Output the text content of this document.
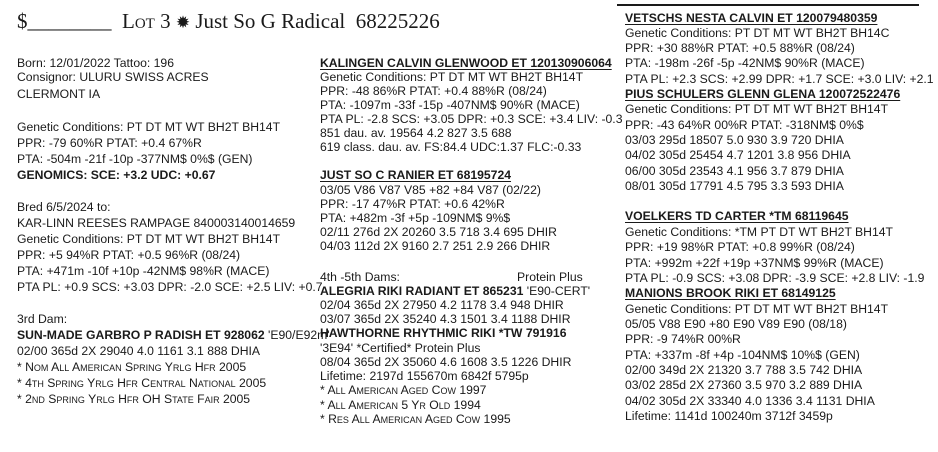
$________ Lot 3 ✹ Just So G Radical 68225226
Born: 12/01/2022 Tattoo: 196
Consignor: ULURU SWISS ACRES
CLERMONT IA
Genetic Conditions: PT DT MT WT BH2T BH14T
PPR: -79 60%R PTAT: +0.4 67%R
PTA: -504m -21f -10p -377NM$ 0%$ (GEN)
GENOMICS: SCE: +3.2 UDC: +0.67
Bred 6/5/2024 to:
KAR-LINN REESES RAMPAGE 840003140014659
Genetic Conditions: PT DT MT WT BH2T BH14T
PPR: +5 94%R PTAT: +0.5 96%R (08/24)
PTA: +471m -10f +10p -42NM$ 98%R (MACE)
PTA PL: +0.9 SCS: +3.03 DPR: -2.0 SCE: +2.5 LIV: +0.7
3rd Dam:
SUN-MADE GARBRO P RADISH ET 928062 'E90/E92m'
02/00 365d 2X 29040 4.0 1161 3.1 888 DHIA
* Nom All American Spring Yrlg Hfr 2005
* 4th Spring Yrlg Hfr Central National 2005
* 2nd Spring Yrlg Hfr OH State Fair 2005
KALINGEN CALVIN GLENWOOD ET 120130906064
Genetic Conditions: PT DT MT WT BH2T BH14T
PPR: -48 86%R PTAT: +0.4 88%R (08/24)
PTA: -1097m -33f -15p -407NM$ 90%R (MACE)
PTA PL: -2.8 SCS: +3.05 DPR: +0.3 SCE: +3.4 LIV: -0.3
851 dau. av. 19564 4.2 827 3.5 688
619 class. dau. av. FS:84.4 UDC:1.37 FLC:-0.33
JUST SO C RANIER ET 68195724
03/05 V86 V87 V85 +82 +84 V87 (02/22)
PPR: -17 47%R PTAT: +0.6 42%R
PTA: +482m -3f +5p -109NM$ 9%$
02/11 276d 2X 20260 3.5 718 3.4 695 DHIR
04/03 112d 2X 9160 2.7 251 2.9 266 DHIR
4th -5th Dams:	Protein Plus
ALEGRIA RIKI RADIANT ET 865231 'E90-CERT'
02/04 365d 2X 27950 4.2 1178 3.4 948 DHIR
03/07 365d 2X 35240 4.3 1501 3.4 1188 DHIR
HAWTHORNE RHYTHMIC RIKI *TW 791916
'3E94' *Certified* Protein Plus
08/04 365d 2X 35060 4.6 1608 3.5 1226 DHIR
Lifetime: 2197d 155670m 6842f 5795p
* All American Aged Cow 1997
* All American 5 Yr Old 1994
* Res All American Aged Cow 1995
VETSCHS NESTA CALVIN ET 120079480359
Genetic Conditions: PT DT MT WT BH2T BH14C
PPR: +30 88%R PTAT: +0.5 88%R (08/24)
PTA: -198m -26f -5p -42NM$ 90%R (MACE)
PTA PL: +2.3 SCS: +2.99 DPR: +1.7 SCE: +3.0 LIV: +2.1
PIUS SCHULERS GLENN GLENA 120072522476
Genetic Conditions: PT DT MT WT BH2T BH14T
PPR: -43 64%R 00%R PTAT: -318NM$ 0%$
03/03 295d 18507 5.0 930 3.9 720 DHIA
04/02 305d 25454 4.7 1201 3.8 956 DHIA
06/00 305d 23543 4.1 956 3.7 879 DHIA
08/01 305d 17791 4.5 795 3.3 593 DHIA
VOELKERS TD CARTER *TM 68119645
Genetic Conditions: *TM PT DT WT BH2T BH14T
PPR: +19 98%R PTAT: +0.8 99%R (08/24)
PTA: +992m +22f +19p +37NM$ 99%R (MACE)
PTA PL: -0.9 SCS: +3.08 DPR: -3.9 SCE: +2.8 LIV: -1.9
MANIONS BROOK RIKI ET 68149125
Genetic Conditions: PT DT MT WT BH2T BH14T
05/05 V88 E90 +80 E90 V89 E90 (08/18)
PPR: -9 74%R 00%R
PTA: +337m -8f +4p -104NM$ 10%$ (GEN)
02/00 349d 2X 21320 3.7 788 3.5 742 DHIA
03/02 285d 2X 27360 3.5 970 3.2 889 DHIA
04/02 305d 2X 33340 4.0 1336 3.4 1131 DHIA
Lifetime: 1141d 100240m 3712f 3459p
